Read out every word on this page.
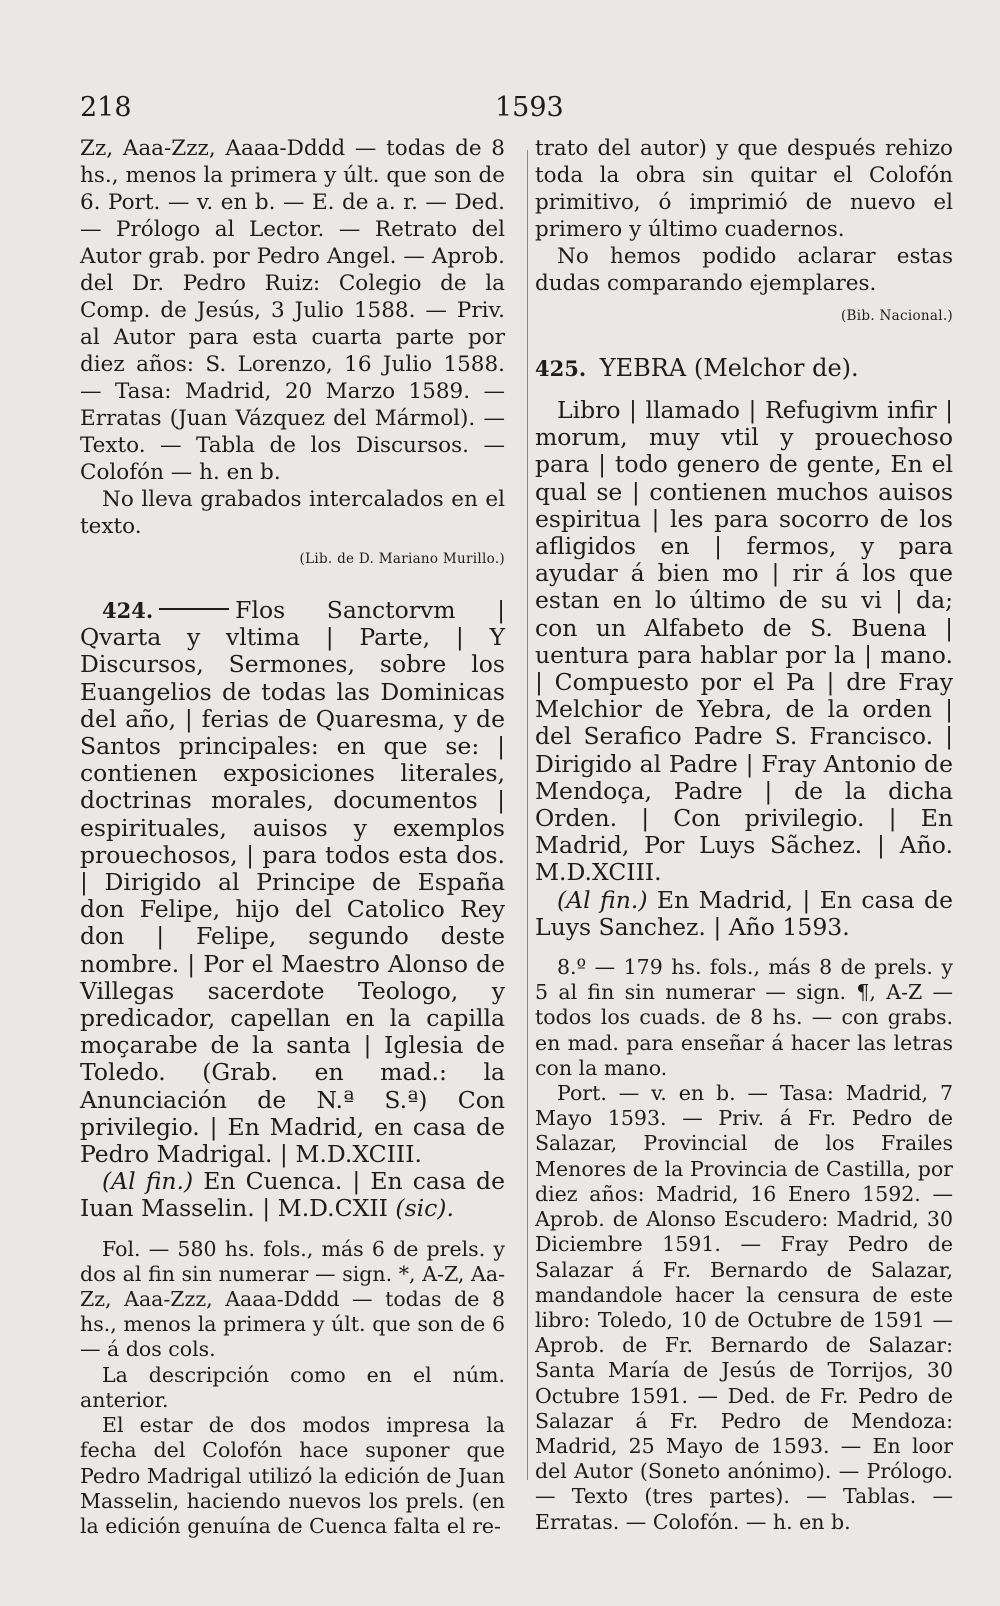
218	1593

Zz, Aaa-Zzz, Aaaa-Dddd — todas de 8 hs., menos la primera y últ. que son de 6. Port. — v. en b. — E. de a. r. — Ded. — Prólogo al Lector. — Retrato del Autor grab. por Pedro Angel. — Aprob. del Dr. Pedro Ruiz: Colegio de la Comp. de Jesús, 3 Julio 1588. — Priv. al Autor para esta cuarta parte por diez años: S. Lorenzo, 16 Julio 1588. — Tasa: Madrid, 20 Marzo 1589. — Erratas (Juan Vázquez del Mármol). — Texto. — Tabla de los Discursos. — Colofón — h. en b.

No lleva grabados intercalados en el texto.

(Lib. de D. Mariano Murillo.)

424.	Flos Sanctorvm | Qvarta y vltima | Parte, | Y Discursos, Sermones, sobre los Euangelios de todas las Dominicas del año, | ferias de Quaresma, y de Santos principales: en que se: | contienen exposiciones literales, doctrinas morales, documentos | espirituales, auisos y exemplos prouechosos, | para todos esta dos. | Dirigido al Principe de España don Felipe, hijo del Catolico Rey don | Felipe, segundo deste nombre. | Por el Maestro Alonso de Villegas sacerdote Teologo, y predicador, capellan en la capilla moçarabe de la santa | Iglesia de Toledo. (Grab. en mad.: la Anunciación de N.ª S.ª) Con privilegio. | En Madrid, en casa de Pedro Madrigal. | M.D.XCIII.

(Al fin.) En Cuenca. | En casa de Iuan Masselin. | M.D.CXII (sic).

Fol. — 580 hs. fols., más 6 de prels. y dos al fin sin numerar — sign. *, A-Z, Aa-Zz, Aaa-Zzz, Aaaa-Dddd — todas de 8 hs., menos la primera y últ. que son de 6 — á dos cols.

La descripción como en el núm. anterior.

El estar de dos modos impresa la fecha del Colofón hace suponer que Pedro Madrigal utilizó la edición de Juan Masselin, haciendo nuevos los prels. (en la edición genuína de Cuenca falta el re-

trato del autor) y que después rehizo toda la obra sin quitar el Colofón primitivo, ó imprimió de nuevo el primero y último cuadernos.

No hemos podido aclarar estas dudas comparando ejemplares.

(Bib. Nacional.)

425. YEBRA (Melchor de).

Libro | llamado | Refugivm infir | morum, muy vtil y prouechoso para | todo genero de gente, En el qual se | contienen muchos auisos espiritua | les para socorro de los afligidos en | fermos, y para ayudar á bien mo | rir á los que estan en lo último de su vi | da; con un Alfabeto de S. Buena | uentura para hablar por la | mano. | Compuesto por el Pa | dre Fray Melchior de Yebra, de la orden | del Serafico Padre S. Francisco. | Dirigido al Padre | Fray Antonio de Mendoça, Padre | de la dicha Orden. | Con privilegio. | En Madrid, Por Luys Sãchez. | Año. M.D.XCIII.

(Al fin.) En Madrid, | En casa de Luys Sanchez. | Año 1593.

8.º — 179 hs. fols., más 8 de prels. y 5 al fin sin numerar — sign. ¶, A-Z — todos los cuads. de 8 hs. — con grabs. en mad. para enseñar á hacer las letras con la mano.

Port. — v. en b. — Tasa: Madrid, 7 Mayo 1593. — Priv. á Fr. Pedro de Salazar, Provincial de los Frailes Menores de la Provincia de Castilla, por diez años: Madrid, 16 Enero 1592. — Aprob. de Alonso Escudero: Madrid, 30 Diciembre 1591. — Fray Pedro de Salazar á Fr. Bernardo de Salazar, mandandole hacer la censura de este libro: Toledo, 10 de Octubre de 1591 — Aprob. de Fr. Bernardo de Salazar: Santa María de Jesús de Torrijos, 30 Octubre 1591. — Ded. de Fr. Pedro de Salazar á Fr. Pedro de Mendoza: Madrid, 25 Mayo de 1593. — En loor del Autor (Soneto anónimo). — Prólogo. — Texto (tres partes). — Tablas. — Erratas. — Colofón. — h. en b.
